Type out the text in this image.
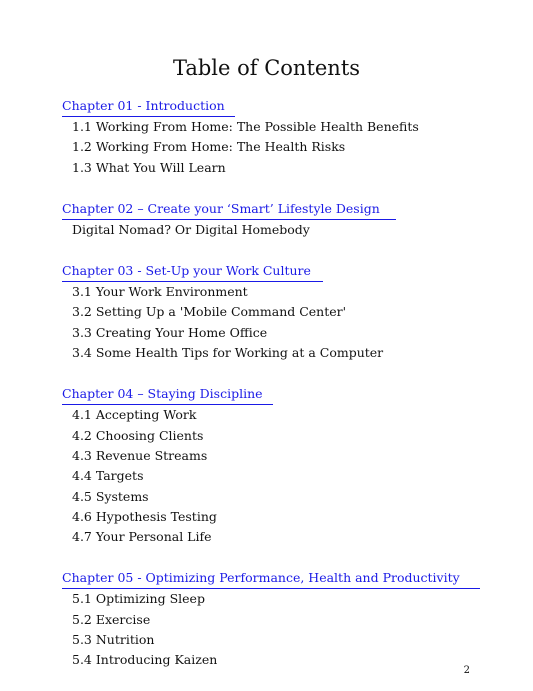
Table of Contents
Chapter 01 - Introduction
1.1 Working From Home: The Possible Health Benefits
1.2 Working From Home: The Health Risks
1.3 What You Will Learn
Chapter 02 – Create your ‘Smart’ Lifestyle Design
Digital Nomad? Or Digital Homebody
Chapter 03 - Set-Up your Work Culture
3.1 Your Work Environment
3.2 Setting Up a 'Mobile Command Center'
3.3 Creating Your Home Office
3.4 Some Health Tips for Working at a Computer
Chapter 04 – Staying Discipline
4.1 Accepting Work
4.2 Choosing Clients
4.3 Revenue Streams
4.4 Targets
4.5 Systems
4.6 Hypothesis Testing
4.7 Your Personal Life
Chapter 05 - Optimizing Performance, Health and Productivity
5.1 Optimizing Sleep
5.2 Exercise
5.3 Nutrition
5.4 Introducing Kaizen
2
